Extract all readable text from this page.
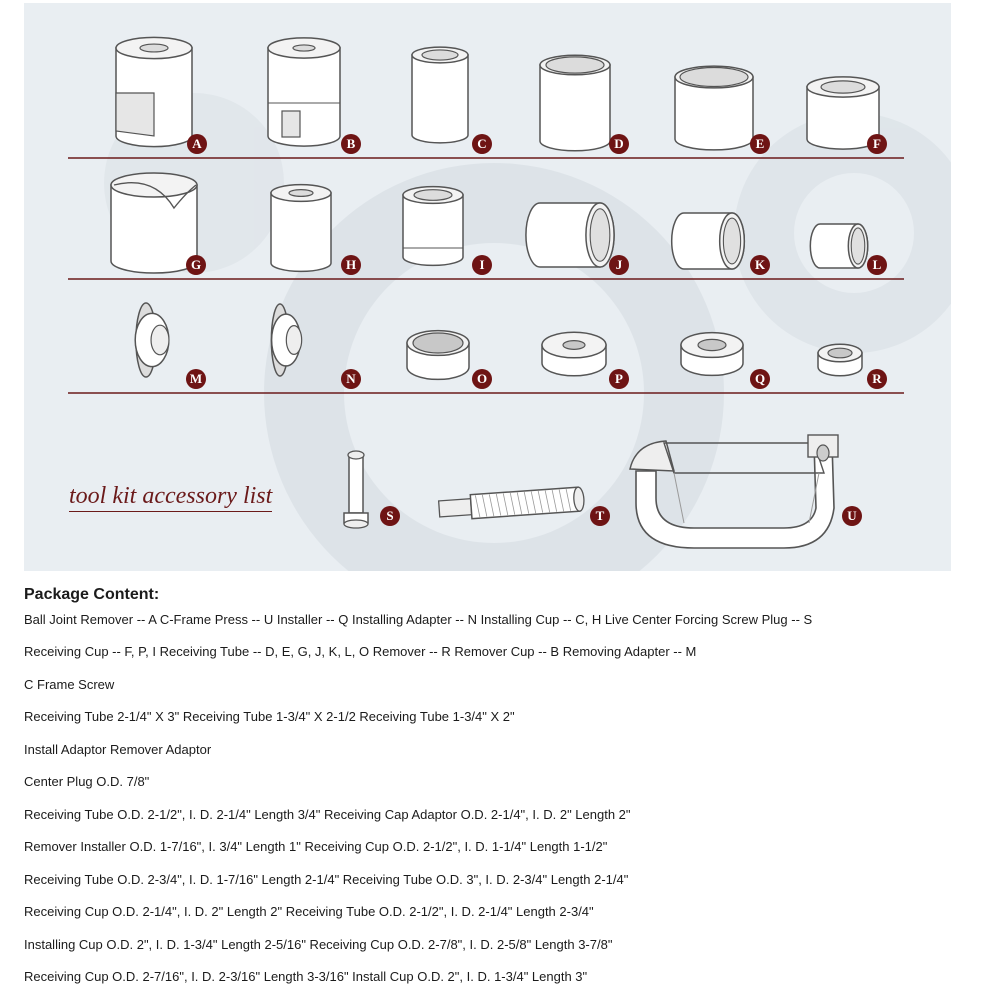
tool kit accessory list
A	B	C	D	E	F
G	H	I	J	K	L
M	N	O	P	Q	R
S	T	U
Package Content:
Ball Joint Remover -- A C-Frame Press -- U Installer -- Q Installing Adapter -- N Installing Cup -- C, H Live Center Forcing Screw Plug -- S
Receiving Cup -- F, P, I Receiving Tube -- D, E, G, J, K, L, O Remover -- R Remover Cup -- B Removing Adapter -- M
C Frame Screw
Receiving Tube 2-1/4" X 3" Receiving Tube 1-3/4" X 2-1/2 Receiving Tube 1-3/4" X 2"
Install Adaptor Remover Adaptor
Center Plug O.D. 7/8"
Receiving Tube O.D. 2-1/2", I. D. 2-1/4" Length 3/4" Receiving Cap Adaptor O.D. 2-1/4", I. D. 2" Length 2"
Remover Installer O.D. 1-7/16", I. 3/4" Length 1" Receiving Cup O.D. 2-1/2", I. D. 1-1/4" Length 1-1/2"
Receiving Tube O.D. 2-3/4", I. D. 1-7/16" Length 2-1/4" Receiving Tube O.D. 3", I. D. 2-3/4" Length 2-1/4"
Receiving Cup O.D. 2-1/4", I. D. 2" Length 2" Receiving Tube O.D. 2-1/2", I. D. 2-1/4" Length 2-3/4"
Installing Cup O.D. 2", I. D. 1-3/4" Length 2-5/16" Receiving Cup O.D. 2-7/8", I. D. 2-5/8" Length 3-7/8"
Receiving Cup O.D. 2-7/16", I. D. 2-3/16" Length 3-3/16" Install Cup O.D. 2", I. D. 1-3/4" Length 3"
